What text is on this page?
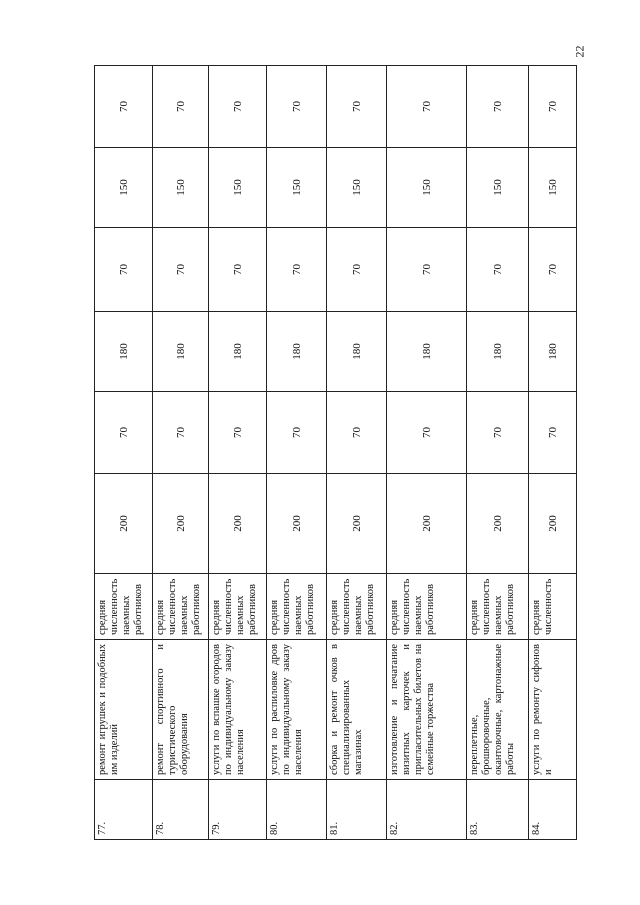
22
77.	ремонт игрушек и подобных им изделий	средняя численность наемных работников	200	70	180	70	150	70
78.	ремонт спортивного и туристического оборудования	средняя численность наемных работников	200	70	180	70	150	70
79.	услуги по вспашке огородов по индивидуальному заказу населения	средняя численность наемных работников	200	70	180	70	150	70
80.	услуги по распиловке дров по индивидуальному заказу населения	средняя численность наемных работников	200	70	180	70	150	70
81.	сборка и ремонт очков в специализированных магазинах	средняя численность наемных работников	200	70	180	70	150	70
82.	изготовление и печатание визитных карточек и пригласительных билетов на семейные торжества	средняя численность наемных работников	200	70	180	70	150	70
83.	переплетные, брошюровочные, окантовочные, картонажные работы	средняя численность наемных работников	200	70	180	70	150	70
84.	услуги по ремонту сифонов и	средняя численность	200	70	180	70	150	70
